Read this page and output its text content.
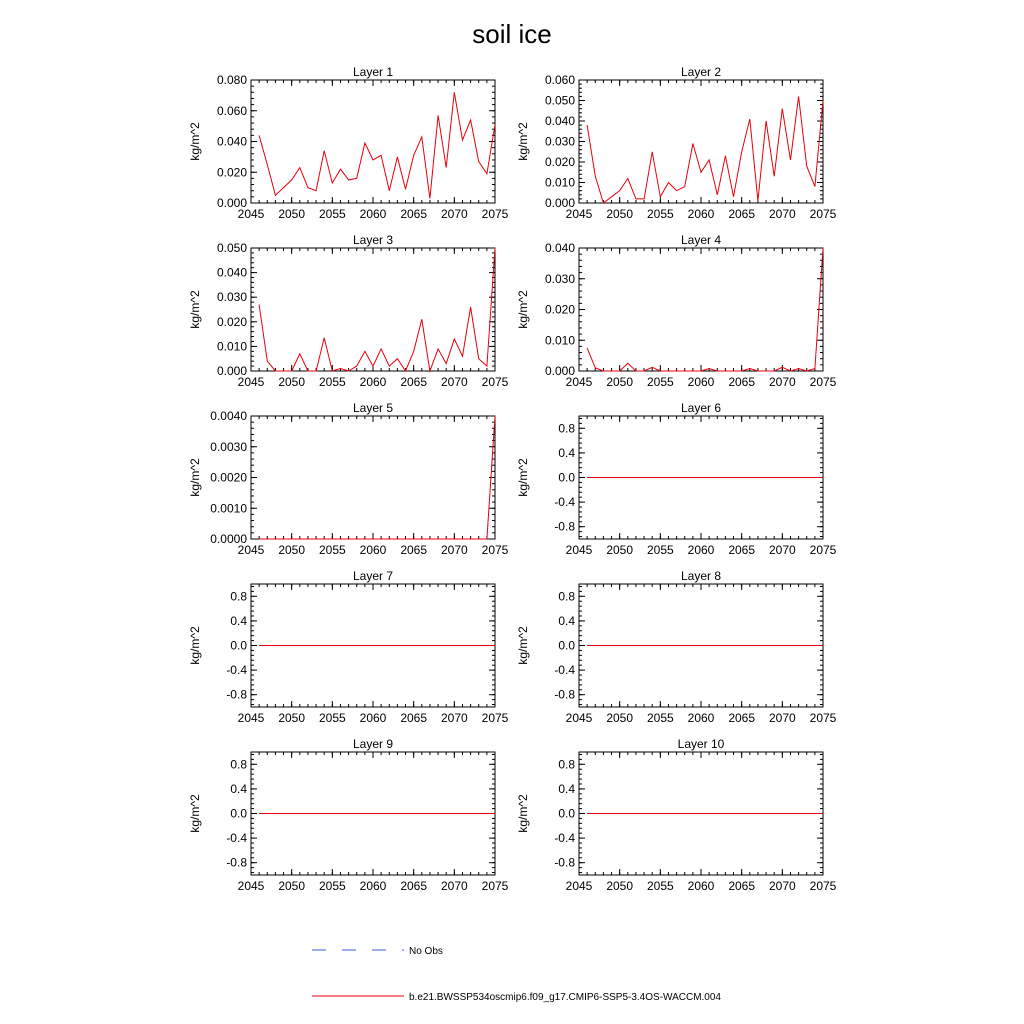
soil ice
Layer 1
kg/m^2
2045 2050 2055 2060 2065 2070 2075
0.000
0.020
0.040
0.060
0.080
Layer 2
kg/m^2
2045 2050 2055 2060 2065 2070 2075
0.000
0.010
0.020
0.030
0.040
0.050
0.060
Layer 3
kg/m^2
2045 2050 2055 2060 2065 2070 2075
0.000
0.010
0.020
0.030
0.040
0.050
Layer 4
kg/m^2
2045 2050 2055 2060 2065 2070 2075
0.000
0.010
0.020
0.030
0.040
Layer 5
kg/m^2
2045 2050 2055 2060 2065 2070 2075
0.0000
0.0010
0.0020
0.0030
0.0040
Layer 6
kg/m^2
2045 2050 2055 2060 2065 2070 2075
-0.8
-0.4
0.0
0.4
0.8
Layer 7
kg/m^2
2045 2050 2055 2060 2065 2070 2075
-0.8
-0.4
0.0
0.4
0.8
Layer 8
kg/m^2
2045 2050 2055 2060 2065 2070 2075
-0.8
-0.4
0.0
0.4
0.8
Layer 9
kg/m^2
2045 2050 2055 2060 2065 2070 2075
-0.8
-0.4
0.0
0.4
0.8
Layer 10
kg/m^2
2045 2050 2055 2060 2065 2070 2075
-0.8
-0.4
0.0
0.4
0.8
No Obs
b.e21.BWSSP534oscmip6.f09_g17.CMIP6-SSP5-3.4OS-WACCM.004
